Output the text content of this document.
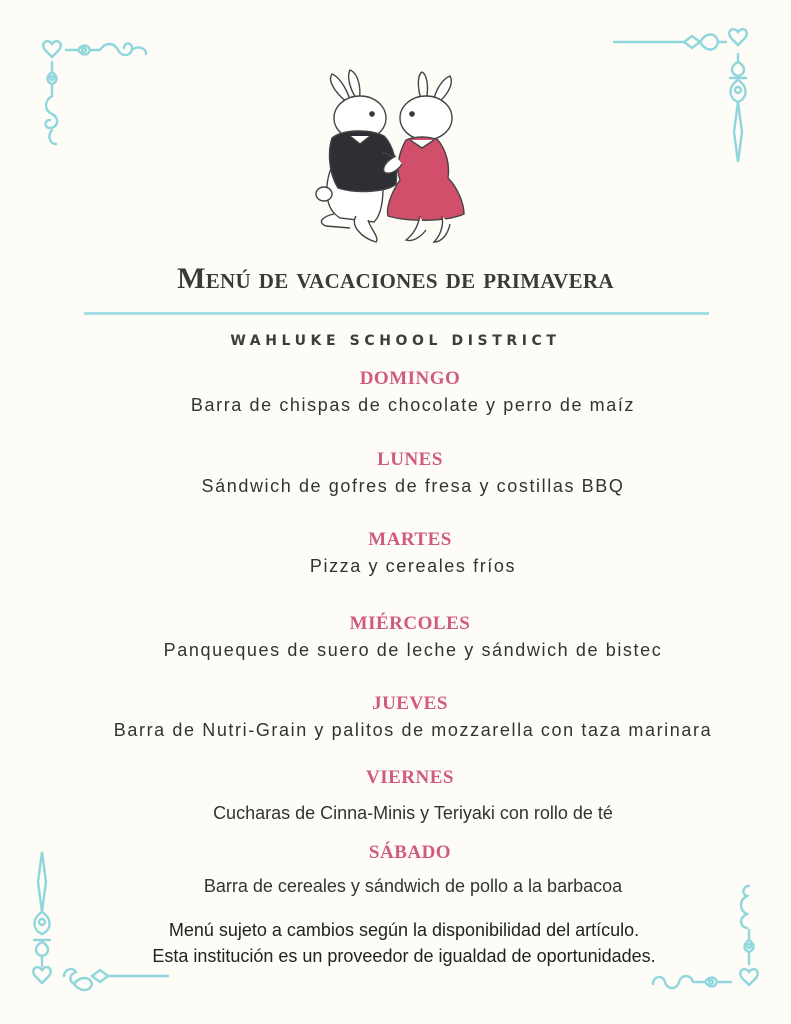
Menú de vacaciones de primavera
WAHLUKE SCHOOL DISTRICT
DOMINGO
Barra de chispas de chocolate y perro de maíz
LUNES
Sándwich de gofres de fresa y costillas BBQ
MARTES
Pizza y cereales fríos
MIÉRCOLES
Panqueques de suero de leche y sándwich de bistec
JUEVES
Barra de Nutri-Grain y palitos de mozzarella con taza marinara
VIERNES
Cucharas de Cinna-Minis y Teriyaki con rollo de té
SÁBADO
Barra de cereales y sándwich de pollo a la barbacoa
Menú sujeto a cambios según la disponibilidad del artículo.
Esta institución es un proveedor de igualdad de oportunidades.
